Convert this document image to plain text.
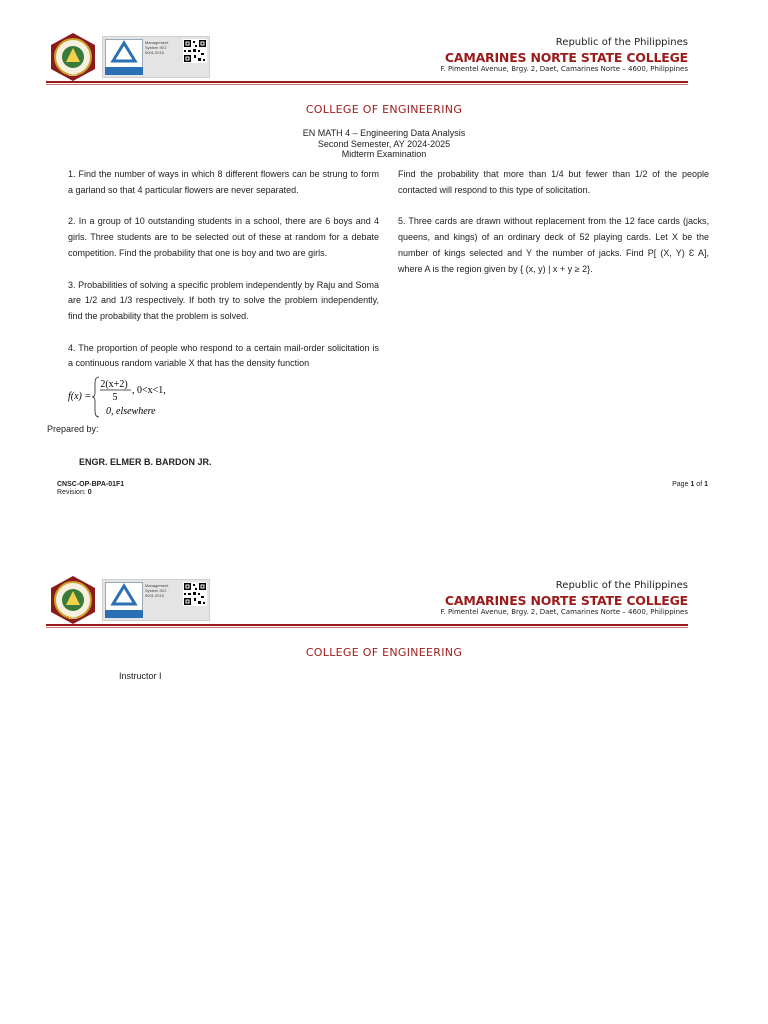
1992
Management System ISO 9001:2015
Republic of the Philippines
CAMARINES NORTE STATE COLLEGE
F. Pimentel Avenue, Brgy. 2, Daet, Camarines Norte – 4600, Philippines
COLLEGE OF ENGINEERING
EN MATH 4 – Engineering Data Analysis
Second Semester, AY 2024-2025
Midterm Examination

1. Find the number of ways in which 8 different flowers can be strung to form a garland so that 4 particular flowers are never separated.

2. In a group of 10 outstanding students in a school, there are 6 boys and 4 girls. Three students are to be selected out of these at random for a debate competition. Find the probability that one is boy and two are girls.

3. Probabilities of solving a specific problem independently by Raju and Soma are 1/2 and 1/3 respectively. If both try to solve the problem independently, find the probability that the problem is solved.

4. The proportion of people who respond to a certain mail-order solicitation is a continuous random variable X that has the density function

f(x) =
2(x+2)
5
, 0<x<1,
0, elsewhere

Find the probability that more than 1/4 but fewer than 1/2 of the people contacted will respond to this type of solicitation.

5. Three cards are drawn without replacement from the 12 face cards (jacks, queens, and kings) of an ordinary deck of 52 playing cards. Let X be the number of kings selected and Y the number of jacks. Find P[ (X, Y) Ɛ A], where A is the region given by { (x, y) | x + y ≥ 2}.

Prepared by:
ENGR. ELMER B. BARDON JR.
CNSC-OP-BPA-01F1
Revision: 0
Page 1 of 1
1992
Management System ISO 9001:2015
Republic of the Philippines
CAMARINES NORTE STATE COLLEGE
F. Pimentel Avenue, Brgy. 2, Daet, Camarines Norte – 4600, Philippines
COLLEGE OF ENGINEERING
Instructor I
